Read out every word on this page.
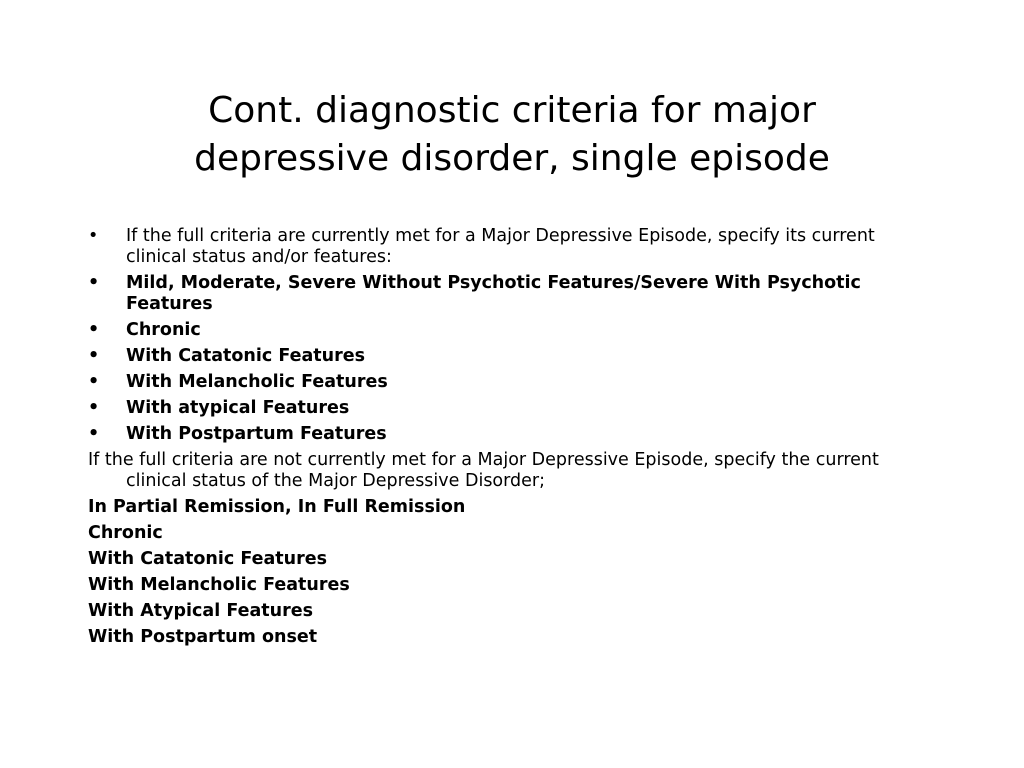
Cont. diagnostic criteria for major
depressive disorder, single episode
• If the full criteria are currently met for a Major Depressive Episode, specify its current clinical status and/or features:
• Mild, Moderate, Severe Without Psychotic Features/Severe With Psychotic Features
• Chronic
• With Catatonic Features
• With Melancholic Features
• With atypical Features
• With Postpartum Features
If the full criteria are not currently met for a Major Depressive Episode, specify the current clinical status of the Major Depressive Disorder;
In Partial Remission, In Full Remission
Chronic
With Catatonic Features
With Melancholic Features
With Atypical Features
With Postpartum onset
